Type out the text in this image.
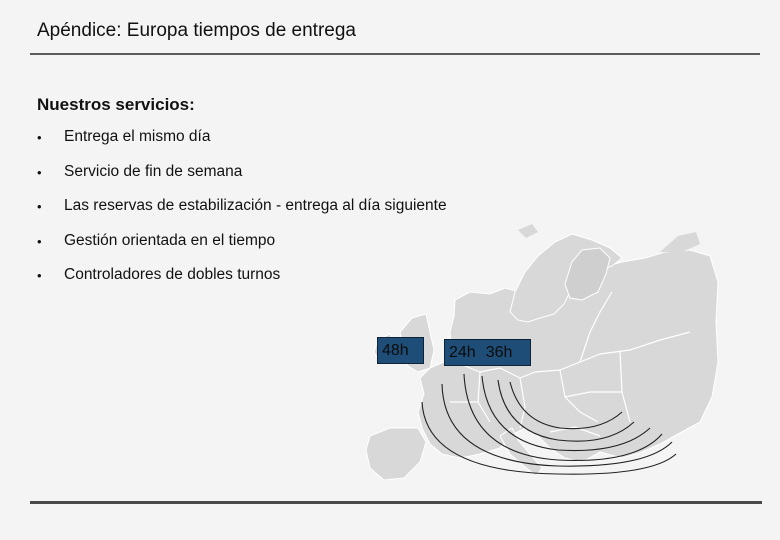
Apéndice: Europa tiempos de entrega
Nuestros servicios:
•	Entrega el mismo día
•	Servicio de fin de semana
•	Las reservas de estabilización - entrega al día siguiente
•	Gestión orientada en el tiempo
•	Controladores de dobles turnos
48h	24h 36h
